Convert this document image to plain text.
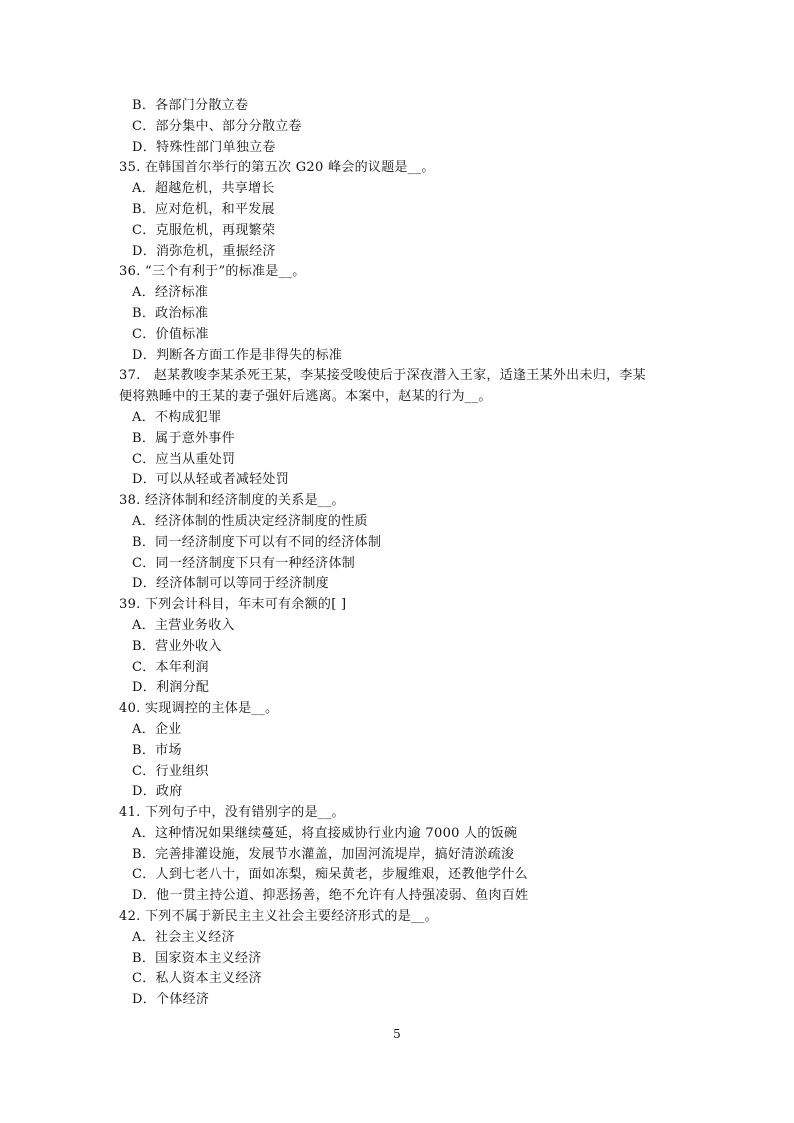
B．各部门分散立卷
C．部分集中、部分分散立卷
D．特殊性部门单独立卷
35. 在韩国首尔举行的第五次 G20 峰会的议题是__。
A．超越危机，共享增长
B．应对危机，和平发展
C．克服危机，再现繁荣
D．消弥危机，重振经济
36. “三个有利于”的标准是__。
A．经济标准
B．政治标准
C．价值标准
D．判断各方面工作是非得失的标准
37.　赵某教唆李某杀死王某，李某接受唆使后于深夜潜入王家，适逢王某外出未归，李某
便将熟睡中的王某的妻子强奸后逃离。本案中，赵某的行为__。
A．不构成犯罪
B．属于意外事件
C．应当从重处罚
D．可以从轻或者减轻处罚
38. 经济体制和经济制度的关系是__。
A．经济体制的性质决定经济制度的性质
B．同一经济制度下可以有不同的经济体制
C．同一经济制度下只有一种经济体制
D．经济体制可以等同于经济制度
39. 下列会计科目，年末可有余额的[ ]
A．主营业务收入
B．营业外收入
C．本年利润
D．利润分配
40. 实现调控的主体是__。
A．企业
B．市场
C．行业组织
D．政府
41. 下列句子中，没有错别字的是__。
A．这种情况如果继续蔓延，将直接威协行业内逾 7000 人的饭碗
B．完善排灌设施，发展节水灌盖，加固河流堤岸，搞好清淤疏浚
C．人到七老八十，面如冻梨，痴呆黄老，步履维艰，还教他学什么
D．他一贯主持公道、抑恶扬善，绝不允许有人持强凌弱、鱼肉百姓
42. 下列不属于新民主主义社会主要经济形式的是__。
A．社会主义经济
B．国家资本主义经济
C．私人资本主义经济
D．个体经济
5
